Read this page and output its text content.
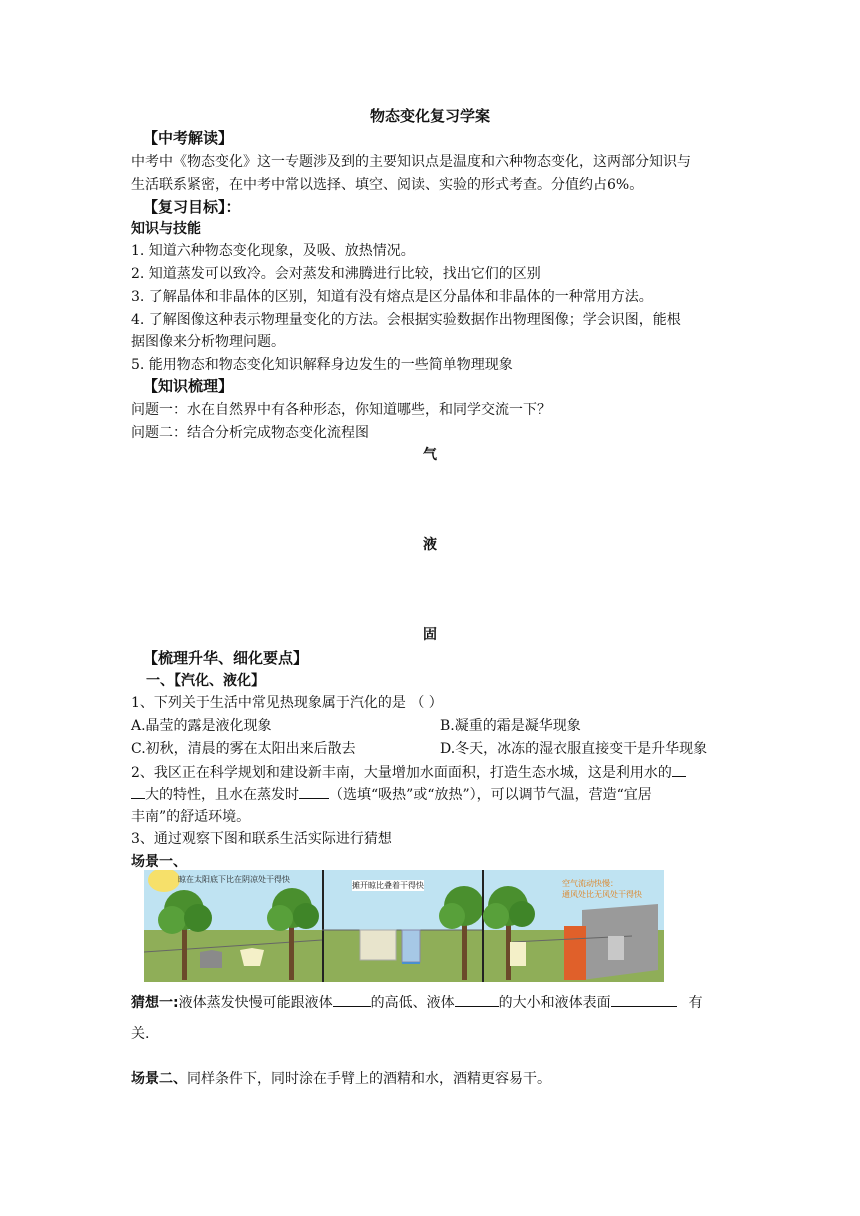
物态变化复习学案
【中考解读】
中考中《物态变化》这一专题涉及到的主要知识点是温度和六种物态变化，这两部分知识与
生活联系紧密，在中考中常以选择、填空、阅读、实验的形式考查。分值约占6%。
【复习目标】：
知识与技能
1. 知道六种物态变化现象，及吸、放热情况。
2. 知道蒸发可以致冷。会对蒸发和沸腾进行比较，找出它们的区别
3. 了解晶体和非晶体的区别，知道有没有熔点是区分晶体和非晶体的一种常用方法。
4. 了解图像这种表示物理量变化的方法。会根据实验数据作出物理图像；学会识图，能根
据图像来分析物理问题。
5. 能用物态和物态变化知识解释身边发生的一些简单物理现象
【知识梳理】
问题一：水在自然界中有各种形态，你知道哪些，和同学交流一下？
问题二：结合分析完成物态变化流程图
气
液
固
【梳理升华、细化要点】
一、【汽化、液化】
1、下列关于生活中常见热现象属于汽化的是 （ ）
A.晶莹的露是液化现象	B.凝重的霜是凝华现象
C.初秋，清晨的雾在太阳出来后散去	D.冬天，冰冻的湿衣服直接变干是升华现象
2、我区正在科学规划和建设新丰南，大量增加水面面积，打造生态水城，这是利用水的
大的特性，且水在蒸发时 （选填“吸热”或“放热”），可以调节气温，营造“宜居
丰南”的舒适环境。
3、通过观察下图和联系生活实际进行猜想
场景一、
晾在太阳底下比在阴凉处干得快
摊开晾比叠着干得快	空气流动快慢：
通风处比无风处干得快
猜想一:液体蒸发快慢可能跟液体	的高低、液体	的大小和液体表面	有
关.
场景二、同样条件下，同时涂在手臂上的酒精和水，酒精更容易干。
